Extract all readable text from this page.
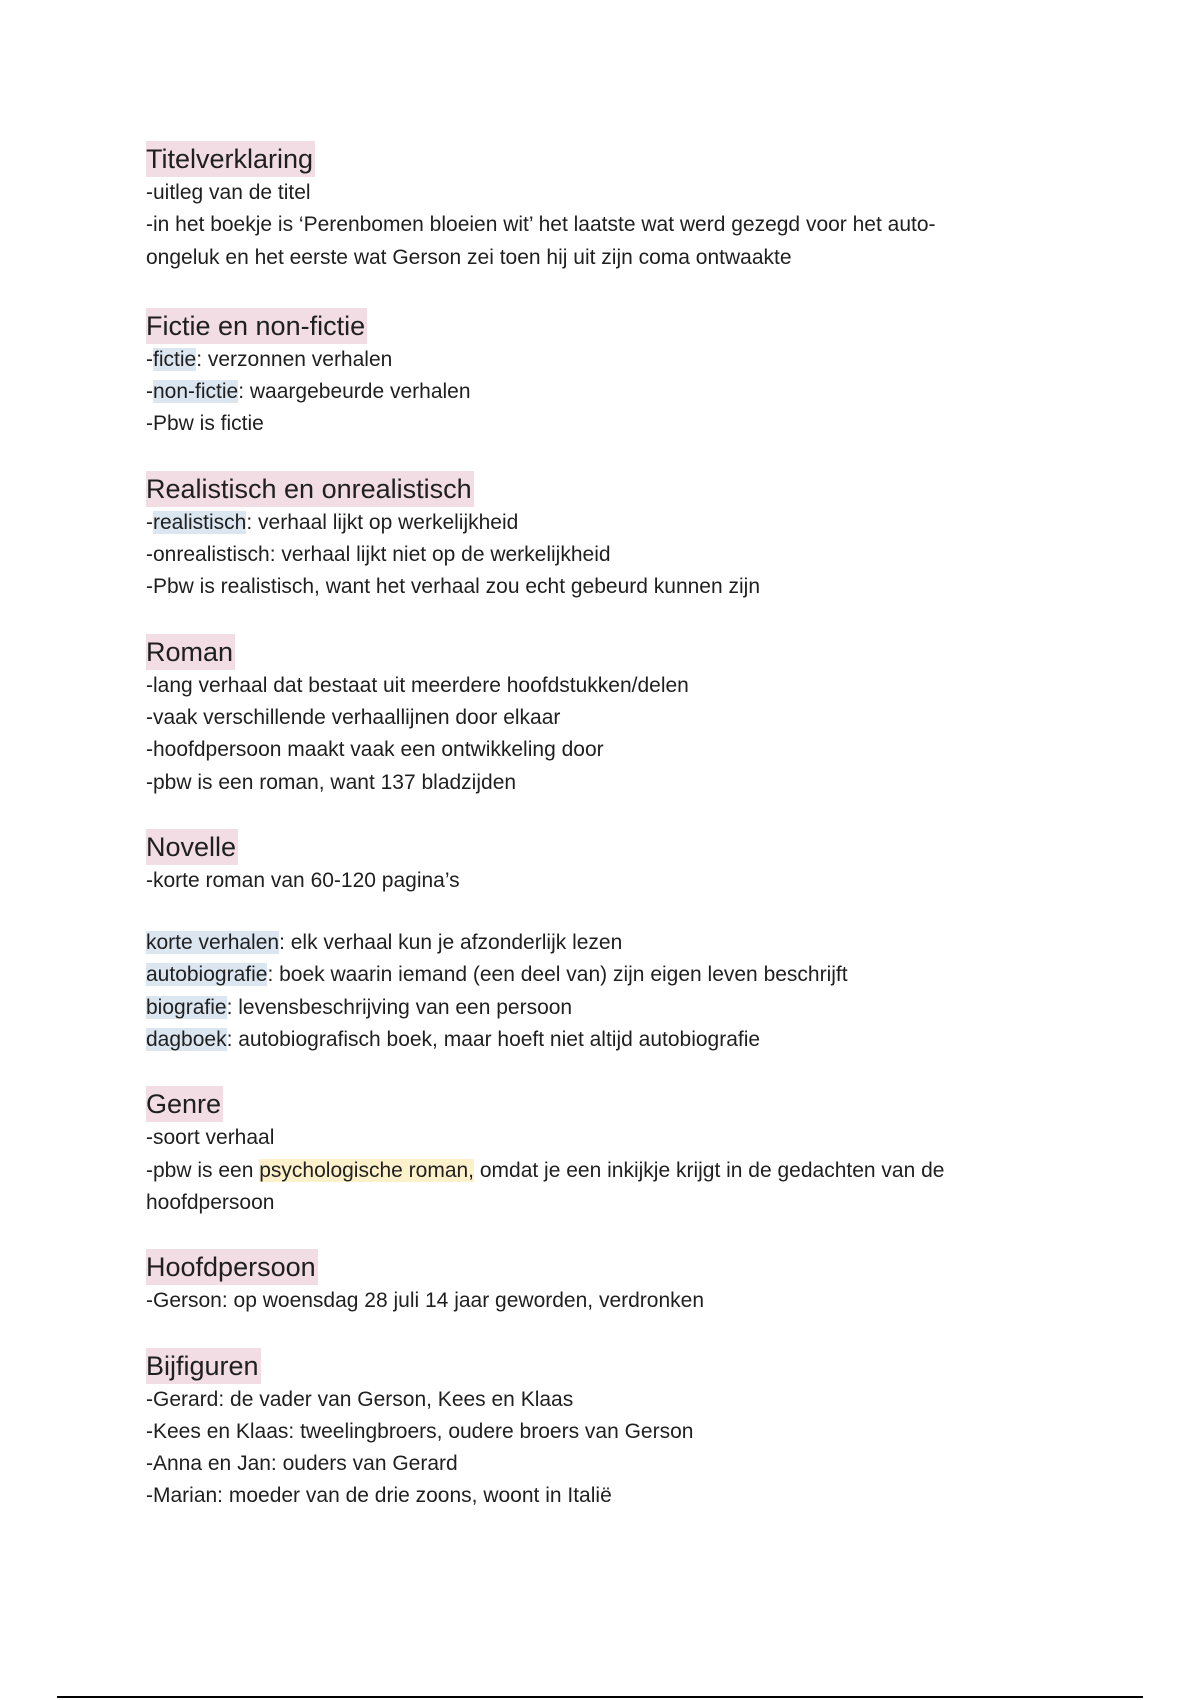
Titelverklaring

-uitleg van de titel

-in het boekje is ‘Perenbomen bloeien wit’ het laatste wat werd gezegd voor het auto-ongeluk en het eerste wat Gerson zei toen hij uit zijn coma ontwaakte

Fictie en non-fictie

-fictie: verzonnen verhalen

-non-fictie: waargebeurde verhalen

-Pbw is fictie

Realistisch en onrealistisch

-realistisch: verhaal lijkt op werkelijkheid

-onrealistisch: verhaal lijkt niet op de werkelijkheid

-Pbw is realistisch, want het verhaal zou echt gebeurd kunnen zijn

Roman

-lang verhaal dat bestaat uit meerdere hoofdstukken/delen

-vaak verschillende verhaallijnen door elkaar

-hoofdpersoon maakt vaak een ontwikkeling door

-pbw is een roman, want 137 bladzijden

Novelle

-korte roman van 60-120 pagina’s

korte verhalen: elk verhaal kun je afzonderlijk lezen

autobiografie: boek waarin iemand (een deel van) zijn eigen leven beschrijft

biografie: levensbeschrijving van een persoon

dagboek: autobiografisch boek, maar hoeft niet altijd autobiografie

Genre

-soort verhaal

-pbw is een psychologische roman, omdat je een inkijkje krijgt in de gedachten van de hoofdpersoon

Hoofdpersoon

-Gerson: op woensdag 28 juli 14 jaar geworden, verdronken

Bijfiguren

-Gerard: de vader van Gerson, Kees en Klaas

-Kees en Klaas: tweelingbroers, oudere broers van Gerson

-Anna en Jan: ouders van Gerard

-Marian: moeder van de drie zoons, woont in Italië
